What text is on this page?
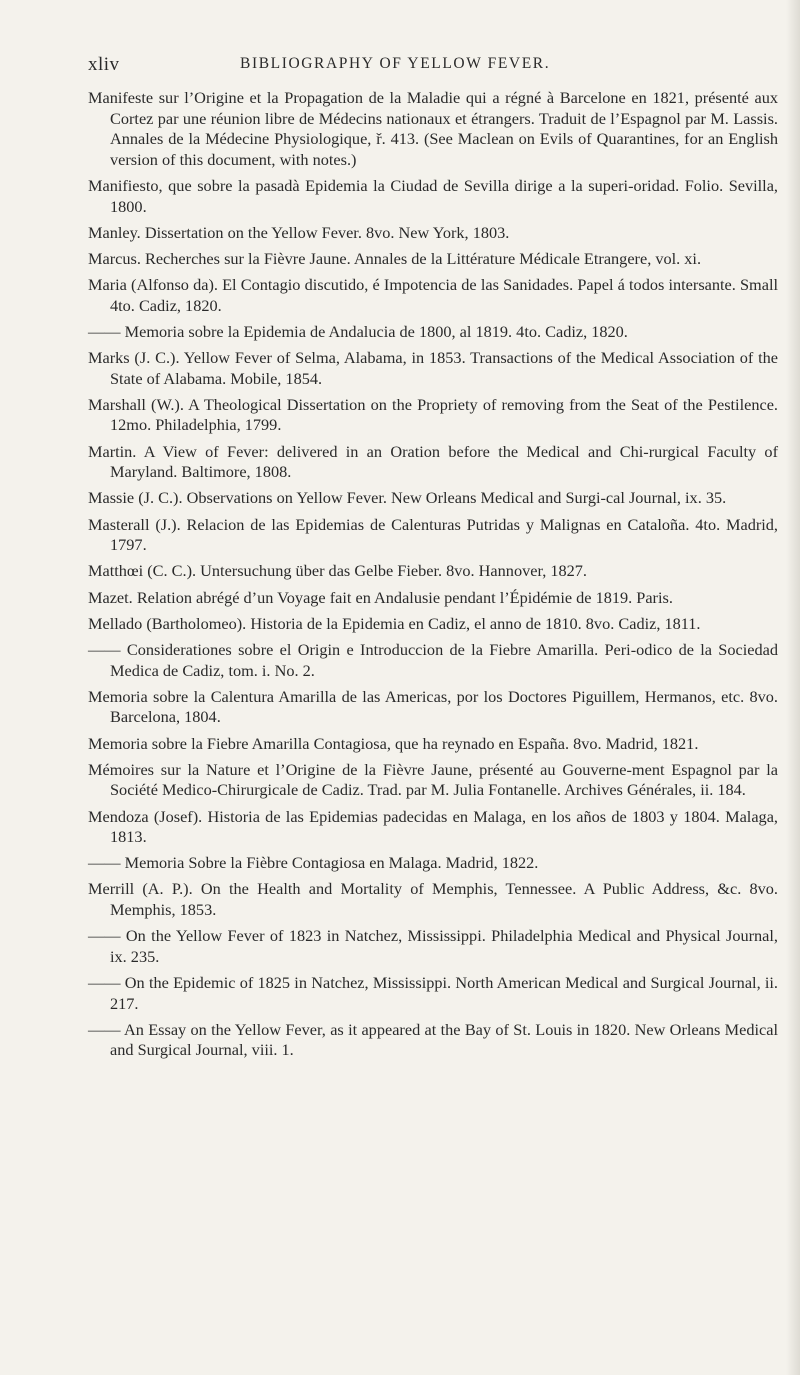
xliv	BIBLIOGRAPHY OF YELLOW FEVER.

Manifeste sur l’Origine et la Propagation de la Maladie qui a régné à Barcelone en 1821, présenté aux Cortez par une réunion libre de Médecins nationaux et étrangers. Traduit de l’Espagnol par M. Lassis. Annales de la Médecine Physiologique, ř. 413. (See Maclean on Evils of Quarantines, for an English version of this document, with notes.)

Manifiesto, que sobre la pasadà Epidemia la Ciudad de Sevilla dirige a la superi-oridad. Folio. Sevilla, 1800.

Manley. Dissertation on the Yellow Fever. 8vo. New York, 1803.

Marcus. Recherches sur la Fièvre Jaune. Annales de la Littérature Médicale Etrangere, vol. xi.

Maria (Alfonso da). El Contagio discutido, é Impotencia de las Sanidades. Papel á todos intersante. Small 4to. Cadiz, 1820.

—— Memoria sobre la Epidemia de Andalucia de 1800, al 1819. 4to. Cadiz, 1820.

Marks (J. C.). Yellow Fever of Selma, Alabama, in 1853. Transactions of the Medical Association of the State of Alabama. Mobile, 1854.

Marshall (W.). A Theological Dissertation on the Propriety of removing from the Seat of the Pestilence. 12mo. Philadelphia, 1799.

Martin. A View of Fever: delivered in an Oration before the Medical and Chi-rurgical Faculty of Maryland. Baltimore, 1808.

Massie (J. C.). Observations on Yellow Fever. New Orleans Medical and Surgi-cal Journal, ix. 35.

Masterall (J.). Relacion de las Epidemias de Calenturas Putridas y Malignas en Cataloña. 4to. Madrid, 1797.

Matthœi (C. C.). Untersuchung über das Gelbe Fieber. 8vo. Hannover, 1827.

Mazet. Relation abrégé d’un Voyage fait en Andalusie pendant l’Épidémie de 1819. Paris.

Mellado (Bartholomeo). Historia de la Epidemia en Cadiz, el anno de 1810. 8vo. Cadiz, 1811.

—— Considerationes sobre el Origin e Introduccion de la Fiebre Amarilla. Peri-odico de la Sociedad Medica de Cadiz, tom. i. No. 2.

Memoria sobre la Calentura Amarilla de las Americas, por los Doctores Piguillem, Hermanos, etc. 8vo. Barcelona, 1804.

Memoria sobre la Fiebre Amarilla Contagiosa, que ha reynado en España. 8vo. Madrid, 1821.

Mémoires sur la Nature et l’Origine de la Fièvre Jaune, présenté au Gouverne-ment Espagnol par la Société Medico-Chirurgicale de Cadiz. Trad. par M. Julia Fontanelle. Archives Générales, ii. 184.

Mendoza (Josef). Historia de las Epidemias padecidas en Malaga, en los años de 1803 y 1804. Malaga, 1813.

—— Memoria Sobre la Fièbre Contagiosa en Malaga. Madrid, 1822.

Merrill (A. P.). On the Health and Mortality of Memphis, Tennessee. A Public Address, &c. 8vo. Memphis, 1853.

—— On the Yellow Fever of 1823 in Natchez, Mississippi. Philadelphia Medical and Physical Journal, ix. 235.

—— On the Epidemic of 1825 in Natchez, Mississippi. North American Medical and Surgical Journal, ii. 217.

—— An Essay on the Yellow Fever, as it appeared at the Bay of St. Louis in 1820. New Orleans Medical and Surgical Journal, viii. 1.
